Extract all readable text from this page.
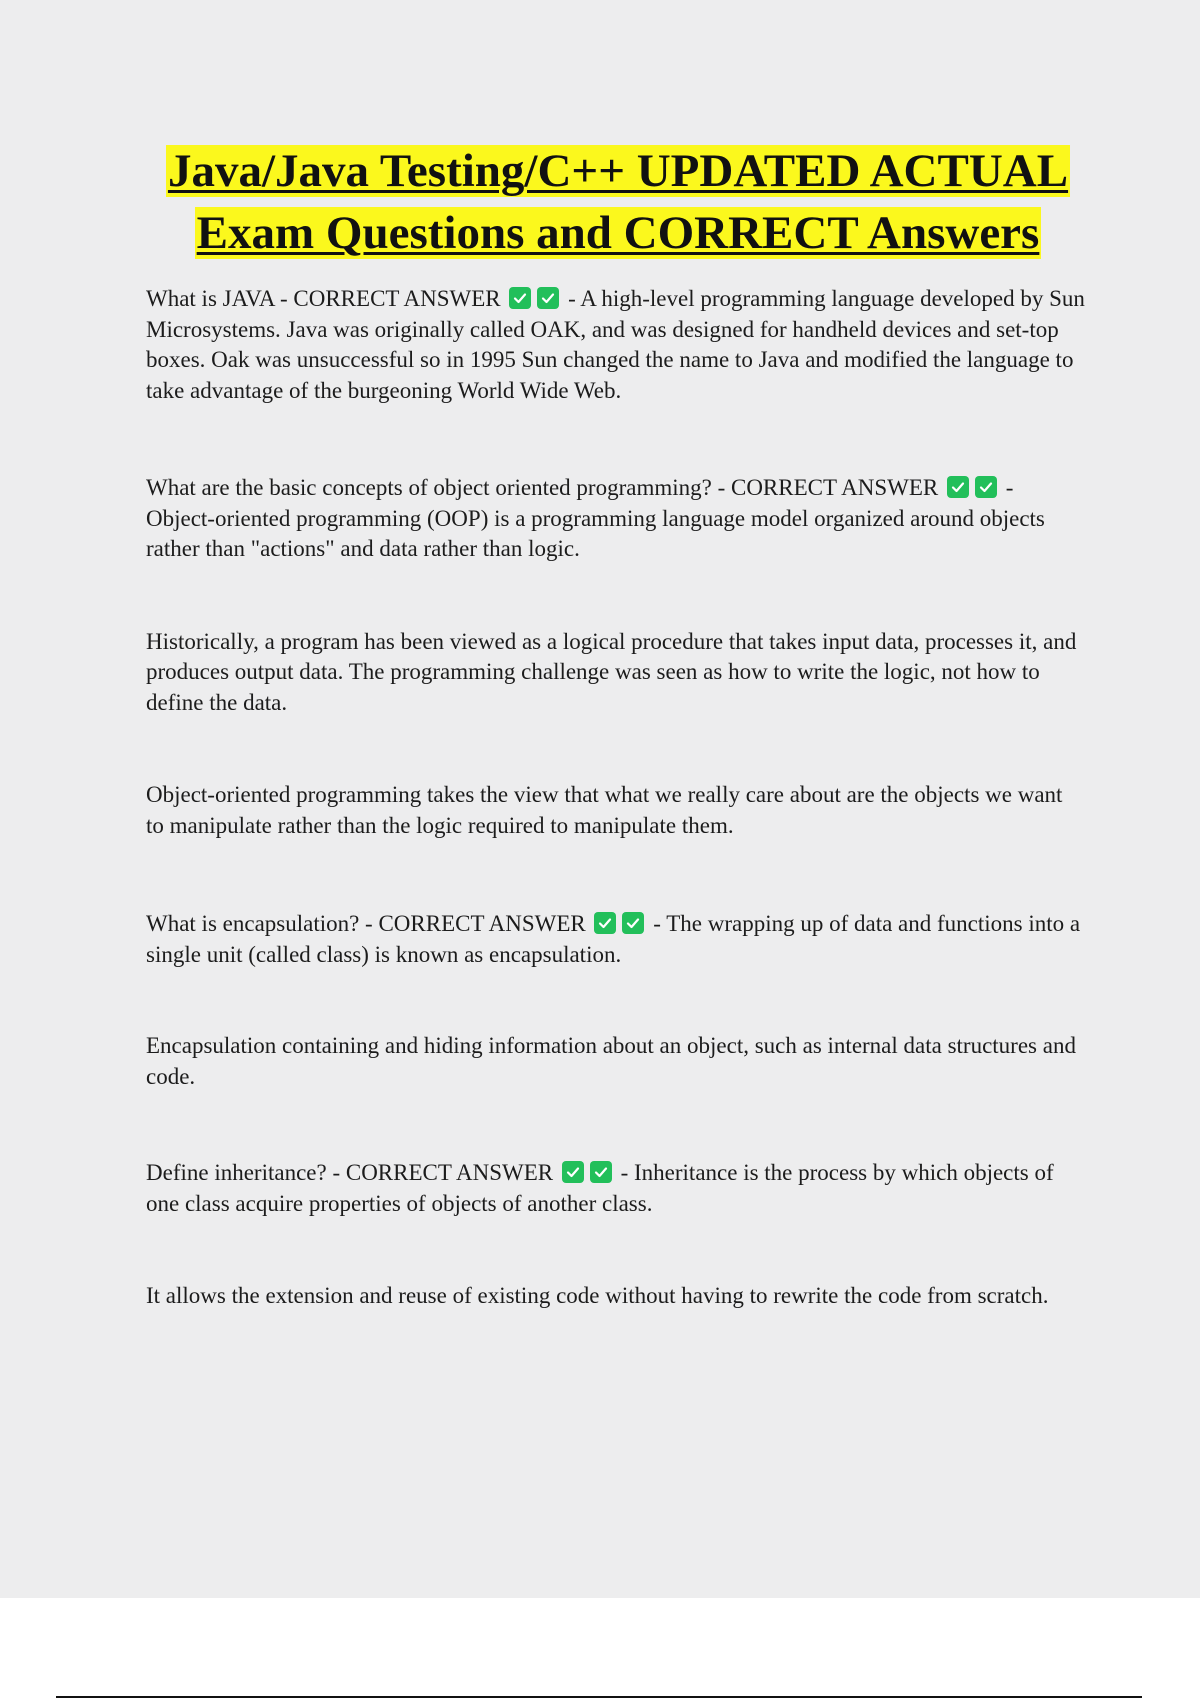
Java/Java Testing/C++ UPDATED ACTUAL
Exam Questions and CORRECT Answers

What is JAVA - CORRECT ANSWER	- A high-level programming language developed by Sun Microsystems. Java was originally called OAK, and was designed for handheld devices and set-top boxes. Oak was unsuccessful so in 1995 Sun changed the name to Java and modified the language to take advantage of the burgeoning World Wide Web.

What are the basic concepts of object oriented programming? - CORRECT ANSWER	- Object-oriented programming (OOP) is a programming language model organized around objects rather than "actions" and data rather than logic.

Historically, a program has been viewed as a logical procedure that takes input data, processes it, and produces output data. The programming challenge was seen as how to write the logic, not how to define the data.

Object-oriented programming takes the view that what we really care about are the objects we want to manipulate rather than the logic required to manipulate them.

What is encapsulation? - CORRECT ANSWER	- The wrapping up of data and functions into a single unit (called class) is known as encapsulation.

Encapsulation containing and hiding information about an object, such as internal data structures and code.

Define inheritance? - CORRECT ANSWER	- Inheritance is the process by which objects of one class acquire properties of objects of another class.

It allows the extension and reuse of existing code without having to rewrite the code from scratch.
